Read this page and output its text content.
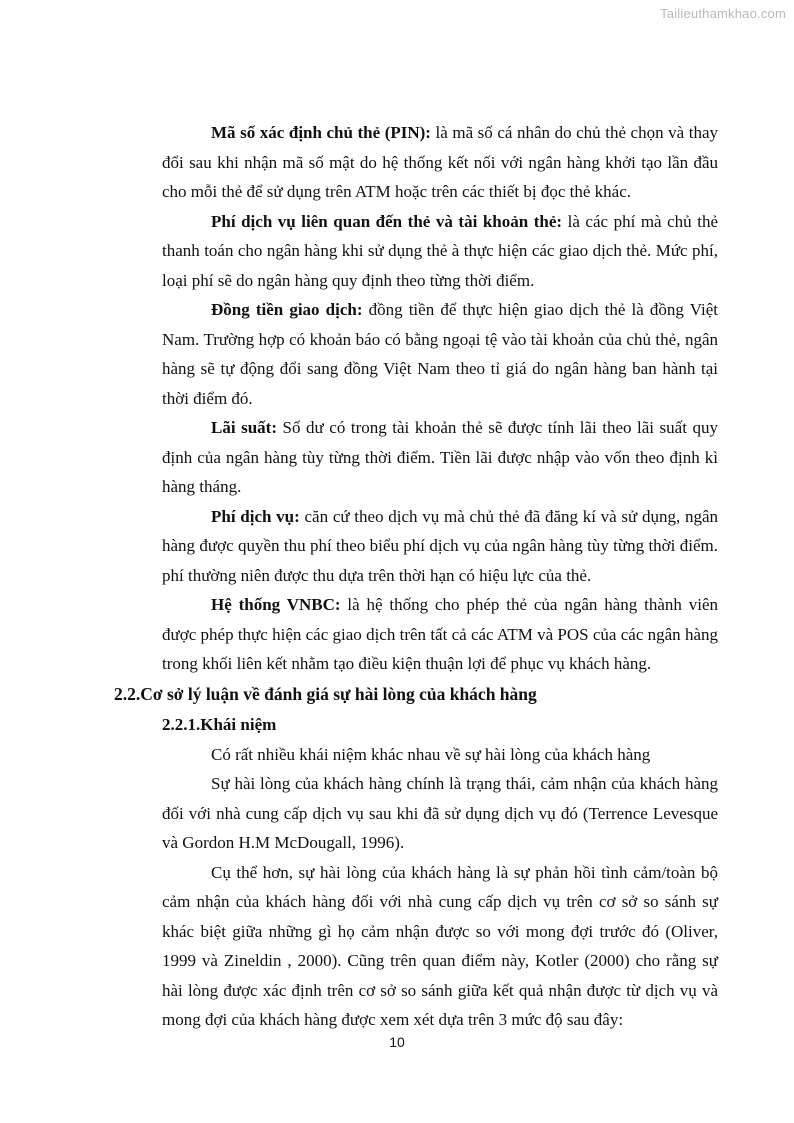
Tailieuthamkhao.com

Mã số xác định chủ thẻ (PIN): là mã số cá nhân do chủ thẻ chọn và thay đổi sau khi nhận mã số mật do hệ thống kết nối với ngân hàng khởi tạo lần đầu cho mỗi thẻ để sử dụng trên ATM hoặc trên các thiết bị đọc thẻ khác.

Phí dịch vụ liên quan đến thẻ và tài khoản thẻ: là các phí mà chủ thẻ thanh toán cho ngân hàng khi sử dụng thẻ à thực hiện các giao dịch thẻ. Mức phí, loại phí sẽ do ngân hàng quy định theo từng thời điểm.

Đồng tiền giao dịch: đồng tiền để thực hiện giao dịch thẻ là đồng Việt Nam. Trường hợp có khoản báo có bằng ngoại tệ vào tài khoản của chủ thẻ, ngân hàng sẽ tự động đổi sang đồng Việt Nam theo tỉ giá do ngân hàng ban hành tại thời điểm đó.

Lãi suất: Số dư có trong tài khoản thẻ sẽ được tính lãi theo lãi suất quy định của ngân hàng tùy từng thời điểm. Tiền lãi được nhập vào vốn theo định kì hàng tháng.

Phí dịch vụ: căn cứ theo dịch vụ mà chủ thẻ đã đăng kí và sử dụng, ngân hàng được quyền thu phí theo biểu phí dịch vụ của ngân hàng tùy từng thời điểm. phí thường niên được thu dựa trên thời hạn có hiệu lực của thẻ.

Hệ thống VNBC: là hệ thống cho phép thẻ của ngân hàng thành viên được phép thực hiện các giao dịch trên tất cả các ATM và POS của các ngân hàng trong khối liên kết nhằm tạo điều kiện thuận lợi để phục vụ khách hàng.

2.2.Cơ sở lý luận về đánh giá sự hài lòng của khách hàng

2.2.1.Khái niệm

Có rất nhiều khái niệm khác nhau về sự hài lòng của khách hàng

Sự hài lòng của khách hàng chính là trạng thái, cảm nhận của khách hàng đối với nhà cung cấp dịch vụ sau khi đã sử dụng dịch vụ đó (Terrence Levesque và Gordon H.M McDougall, 1996).

Cụ thể hơn, sự hài lòng của khách hàng là sự phản hồi tình cảm/toàn bộ cảm nhận của khách hàng đối với nhà cung cấp dịch vụ trên cơ sở so sánh sự khác biệt giữa những gì họ cảm nhận được so với mong đợi trước đó (Oliver, 1999 và Zineldin , 2000). Cũng trên quan điểm này, Kotler (2000) cho rằng sự hài lòng được xác định trên cơ sở so sánh giữa kết quả nhận được từ dịch vụ và mong đợi của khách hàng được xem xét dựa trên 3 mức độ sau đây:

10
